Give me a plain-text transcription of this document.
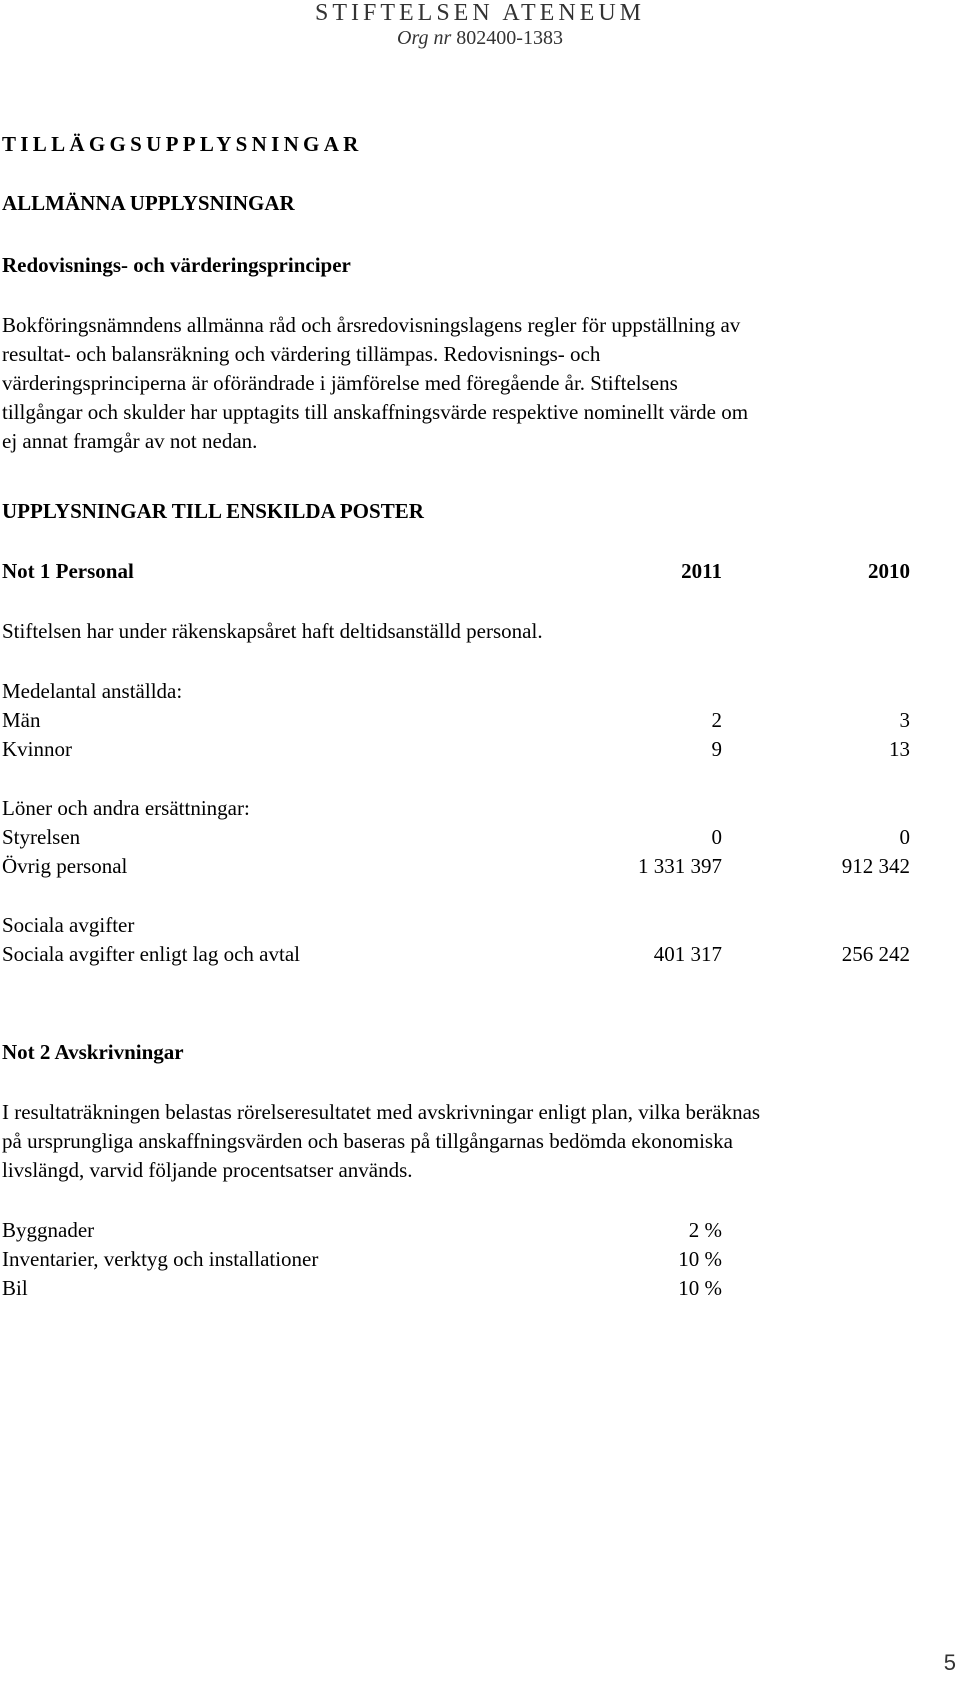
STIFTELSEN ATENEUM
Org nr 802400-1383
TILLÄGGSUPPLYSNINGAR
ALLMÄNNA UPPLYSNINGAR
Redovisnings- och värderingsprinciper
Bokföringsnämndens allmänna råd och årsredovisningslagens regler för uppställning av
resultat- och balansräkning och värdering tillämpas. Redovisnings- och
värderingsprinciperna är oförändrade i jämförelse med föregående år. Stiftelsens
tillgångar och skulder har upptagits till anskaffningsvärde respektive nominellt värde om
ej annat framgår av not nedan.
UPPLYSNINGAR TILL ENSKILDA POSTER
Not 1 Personal	2011	2010
Stiftelsen har under räkenskapsåret haft deltidsanställd personal.
Medelantal anställda:
Män	2	3
Kvinnor	9	13
Löner och andra ersättningar:
Styrelsen	0	0
Övrig personal	1 331 397	912 342
Sociala avgifter
Sociala avgifter enligt lag och avtal	401 317	256 242
Not 2 Avskrivningar
I resultaträkningen belastas rörelseresultatet med avskrivningar enligt plan, vilka beräknas
på ursprungliga anskaffningsvärden och baseras på tillgångarnas bedömda ekonomiska
livslängd, varvid följande procentsatser används.
Byggnader	2 %
Inventarier, verktyg och installationer	10 %
Bil	10 %
5
